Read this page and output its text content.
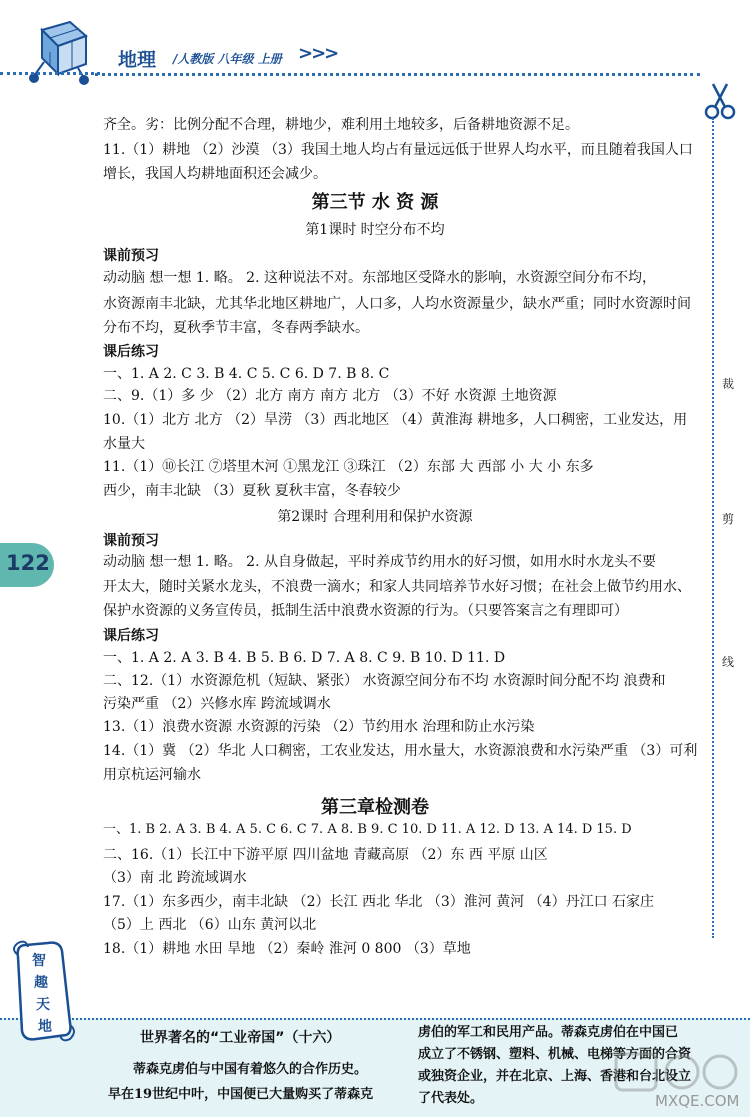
地理 /人教版 八年级 上册 >>>
裁
剪
线
122
齐全。劣：比例分配不合理，耕地少，难利用土地较多，后备耕地资源不足。
11.（1）耕地 （2）沙漠 （3）我国土地人均占有量远远低于世界人均水平，而且随着我国人口
增长，我国人均耕地面积还会减少。
第三节 水 资 源
第1课时 时空分布不均
课前预习
动动脑 想一想 1. 略。 2. 这种说法不对。东部地区受降水的影响，水资源空间分布不均，
水资源南丰北缺，尤其华北地区耕地广，人口多，人均水资源量少，缺水严重；同时水资源时间
分布不均，夏秋季节丰富，冬春两季缺水。
课后练习
一、1. A 2. C 3. B 4. C 5. C 6. D 7. B 8. C
二、9.（1）多 少 （2）北方 南方 南方 北方 （3）不好 水资源 土地资源
10.（1）北方 北方 （2）旱涝 （3）西北地区 （4）黄淮海 耕地多，人口稠密，工业发达，用
水量大
11.（1）⑩长江 ⑦塔里木河 ①黑龙江 ③珠江 （2）东部 大 西部 小 大 小 东多
西少，南丰北缺 （3）夏秋 夏秋丰富，冬春较少
第2课时 合理利用和保护水资源
课前预习
动动脑 想一想 1. 略。 2. 从自身做起，平时养成节约用水的好习惯，如用水时水龙头不要
开太大，随时关紧水龙头，不浪费一滴水；和家人共同培养节水好习惯；在社会上做节约用水、
保护水资源的义务宣传员，抵制生活中浪费水资源的行为。（只要答案言之有理即可）
课后练习
一、1. A 2. A 3. B 4. B 5. B 6. D 7. A 8. C 9. B 10. D 11. D
二、12.（1）水资源危机（短缺、紧张） 水资源空间分布不均 水资源时间分配不均 浪费和
污染严重 （2）兴修水库 跨流域调水
13.（1）浪费水资源 水资源的污染 （2）节约用水 治理和防止水污染
14.（1）冀 （2）华北 人口稠密，工农业发达，用水量大，水资源浪费和水污染严重 （3）可利
用京杭运河输水
第三章检测卷
一、1. B 2. A 3. B 4. A 5. C 6. C 7. A 8. B 9. C 10. D 11. A 12. D 13. A 14. D 15. D
二、16.（1）长江中下游平原 四川盆地 青藏高原 （2）东 西 平原 山区
（3）南 北 跨流域调水
17.（1）东多西少，南丰北缺 （2）长江 西北 华北 （3）淮河 黄河 （4）丹江口 石家庄
（5）上 西北 （6）山东 黄河以北
18.（1）耕地 水田 旱地 （2）秦岭 淮河 0 800 （3）草地
智
趣
天
地
世界著名的“工业帝国”（十六）
蒂森克虏伯与中国有着悠久的合作历史。
早在19世纪中叶，中国便已大量购买了蒂森克
虏伯的军工和民用产品。蒂森克虏伯在中国已
成立了不锈钢、塑料、机械、电梯等方面的合资
或独资企业，并在北京、上海、香港和台北设立
了代表处。	MXQE.COM
